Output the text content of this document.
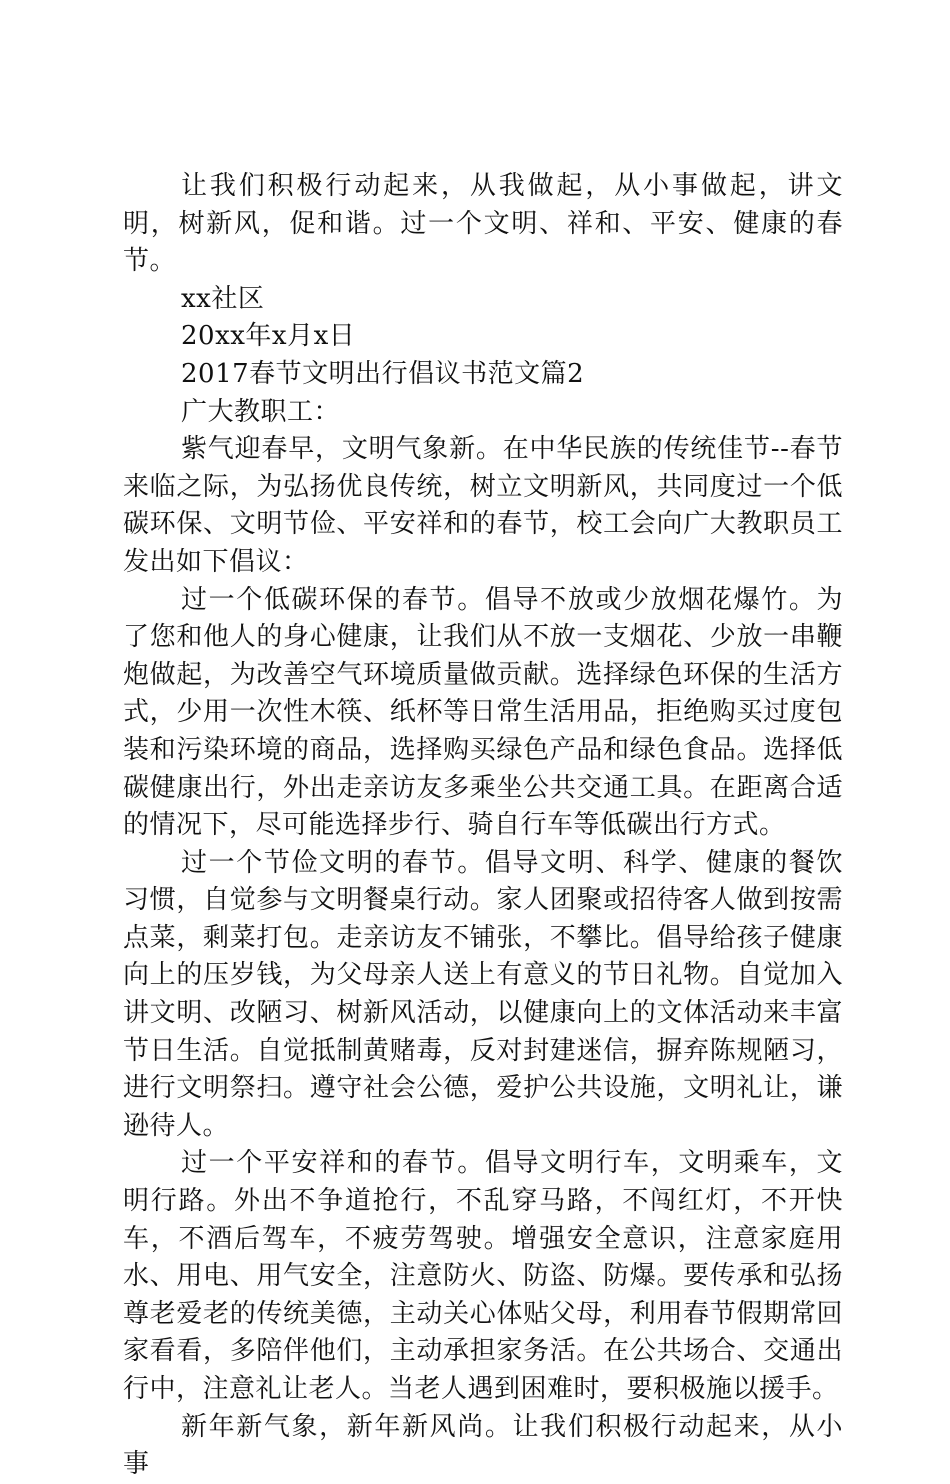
让我们积极行动起来，从我做起，从小事做起，讲文明，树新风，促和谐。过一个文明、祥和、平安、健康的春节。

xx社区

20xx年x月x日

2017春节文明出行倡议书范文篇2

广大教职工：

紫气迎春早，文明气象新。在中华民族的传统佳节--春节来临之际，为弘扬优良传统，树立文明新风，共同度过一个低碳环保、文明节俭、平安祥和的春节，校工会向广大教职员工发出如下倡议：

过一个低碳环保的春节。倡导不放或少放烟花爆竹。为了您和他人的身心健康，让我们从不放一支烟花、少放一串鞭炮做起，为改善空气环境质量做贡献。选择绿色环保的生活方式，少用一次性木筷、纸杯等日常生活用品，拒绝购买过度包装和污染环境的商品，选择购买绿色产品和绿色食品。选择低碳健康出行，外出走亲访友多乘坐公共交通工具。在距离合适的情况下，尽可能选择步行、骑自行车等低碳出行方式。

过一个节俭文明的春节。倡导文明、科学、健康的餐饮习惯，自觉参与文明餐桌行动。家人团聚或招待客人做到按需点菜，剩菜打包。走亲访友不铺张，不攀比。倡导给孩子健康向上的压岁钱，为父母亲人送上有意义的节日礼物。自觉加入讲文明、改陋习、树新风活动，以健康向上的文体活动来丰富节日生活。自觉抵制黄赌毒，反对封建迷信，摒弃陈规陋习，进行文明祭扫。遵守社会公德，爱护公共设施，文明礼让，谦逊待人。

过一个平安祥和的春节。倡导文明行车，文明乘车，文明行路。外出不争道抢行，不乱穿马路，不闯红灯，不开快车，不酒后驾车，不疲劳驾驶。增强安全意识，注意家庭用水、用电、用气安全，注意防火、防盗、防爆。要传承和弘扬尊老爱老的传统美德，主动关心体贴父母，利用春节假期常回家看看，多陪伴他们，主动承担家务活。在公共场合、交通出行中，注意礼让老人。当老人遇到困难时，要积极施以援手。

新年新气象，新年新风尚。让我们积极行动起来，从小事
